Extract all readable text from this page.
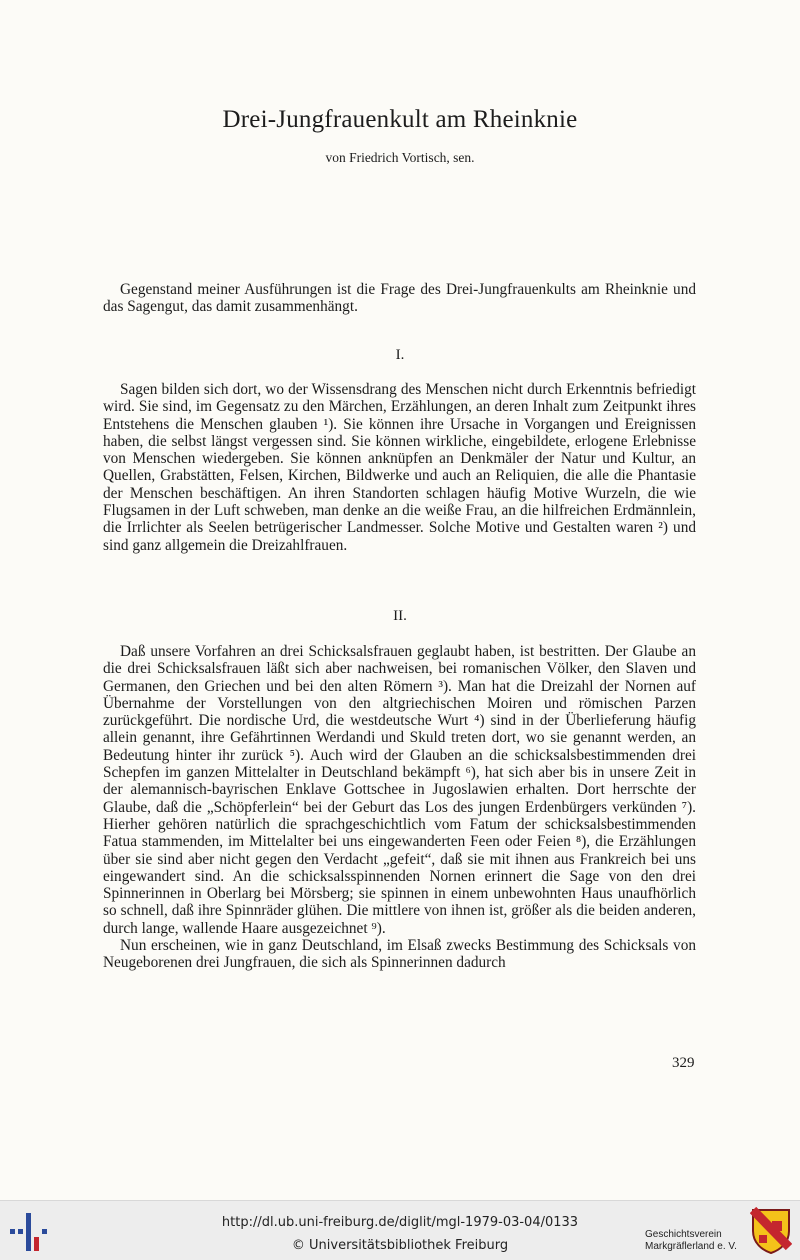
Drei-Jungfrauenkult am Rheinknie
von Friedrich Vortisch, sen.

Gegenstand meiner Ausführungen ist die Frage des Drei-Jungfrauenkults am Rheinknie und das Sagengut, das damit zusammenhängt.

I.

Sagen bilden sich dort, wo der Wissensdrang des Menschen nicht durch Erkenntnis befriedigt wird. Sie sind, im Gegensatz zu den Märchen, Erzählungen, an deren Inhalt zum Zeitpunkt ihres Entstehens die Menschen glauben ¹). Sie können ihre Ursache in Vorgangen und Ereignissen haben, die selbst längst vergessen sind. Sie können wirkliche, eingebildete, erlogene Erlebnisse von Menschen wiedergeben. Sie können anknüpfen an Denkmäler der Natur und Kultur, an Quellen, Grabstätten, Felsen, Kirchen, Bildwerke und auch an Reliquien, die alle die Phantasie der Menschen beschäftigen. An ihren Standorten schlagen häufig Motive Wurzeln, die wie Flugsamen in der Luft schweben, man denke an die weiße Frau, an die hilfreichen Erdmännlein, die Irrlichter als Seelen betrügerischer Landmesser. Solche Motive und Gestalten waren ²) und sind ganz allgemein die Dreizahlfrauen.

II.

Daß unsere Vorfahren an drei Schicksalsfrauen geglaubt haben, ist bestritten. Der Glaube an die drei Schicksalsfrauen läßt sich aber nachweisen, bei romanischen Völker, den Slaven und Germanen, den Griechen und bei den alten Römern ³). Man hat die Dreizahl der Nornen auf Übernahme der Vorstellungen von den altgriechischen Moiren und römischen Parzen zurückgeführt. Die nordische Urd, die westdeutsche Wurt ⁴) sind in der Überlieferung häufig allein genannt, ihre Gefährtinnen Werdandi und Skuld treten dort, wo sie genannt werden, an Bedeutung hinter ihr zurück ⁵). Auch wird der Glauben an die schicksalsbestimmenden drei Schepfen im ganzen Mittelalter in Deutschland bekämpft ⁶), hat sich aber bis in unsere Zeit in der alemannisch-bayrischen Enklave Gottschee in Jugoslawien erhalten. Dort herrschte der Glaube, daß die „Schöpferlein“ bei der Geburt das Los des jungen Erdenbürgers verkünden ⁷). Hierher gehören natürlich die sprachgeschichtlich vom Fatum der schicksalsbestimmenden Fatua stammenden, im Mittelalter bei uns eingewanderten Feen oder Feien ⁸), die Erzählungen über sie sind aber nicht gegen den Verdacht „gefeit“, daß sie mit ihnen aus Frankreich bei uns eingewandert sind. An die schicksalsspinnenden Nornen erinnert die Sage von den drei Spinnerinnen in Oberlarg bei Mörsberg; sie spinnen in einem unbewohnten Haus unaufhörlich so schnell, daß ihre Spinnräder glühen. Die mittlere von ihnen ist, größer als die beiden anderen, durch lange, wallende Haare ausgezeichnet ⁹).

Nun erscheinen, wie in ganz Deutschland, im Elsaß zwecks Bestimmung des Schicksals von Neugeborenen drei Jungfrauen, die sich als Spinnerinnen dadurch

329
http://dl.ub.uni-freiburg.de/diglit/mgl-1979-03-04/0133
© Universitätsbibliothek Freiburg
Geschichtsverein
Markgräflerland e. V.
